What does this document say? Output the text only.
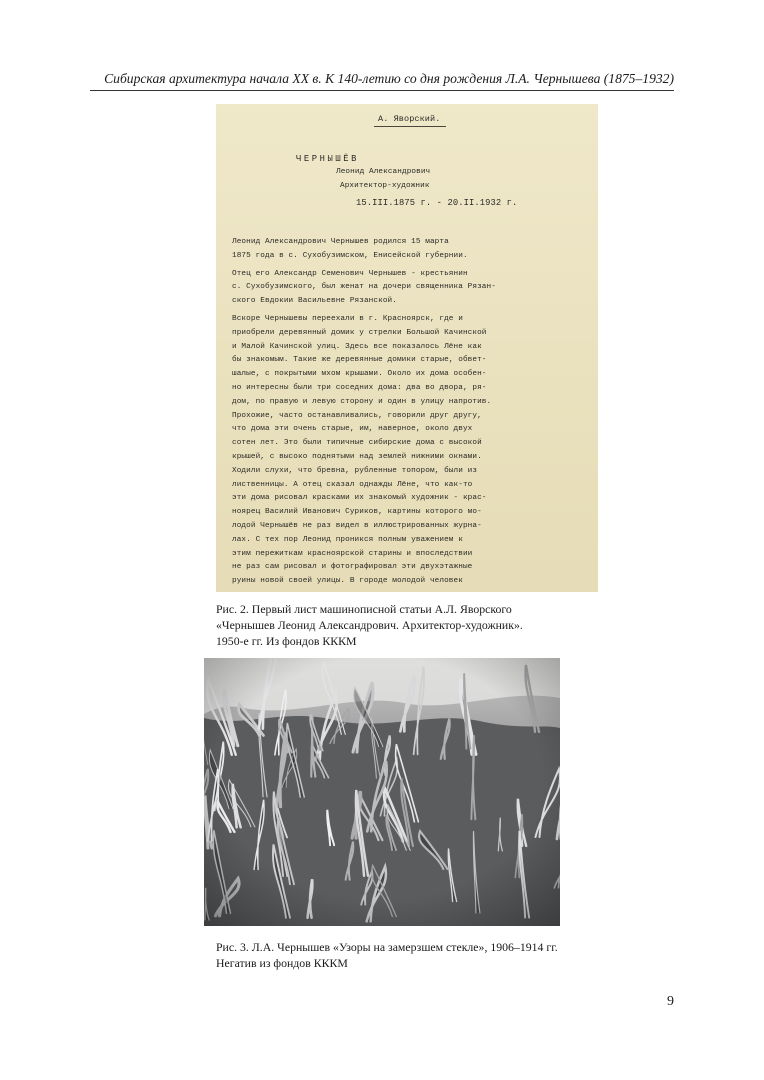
Сибирская архитектура начала XX в. К 140-летию со дня рождения Л.А. Чернышева (1875–1932)
А. Яворский.
ЧЕРНЫШЁВ
Леонид Александрович
Архитектор-художник
15.III.1875 г. - 20.II.1932 г.
Леонид Александрович Чернышев родился 15 марта
1875 года в с. Сухобузимском, Енисейской губернии.
Отец его Александр Семенович Чернышев - крестьянин
с. Сухобузимского, был женат на дочери священника Рязан-
ского Евдокии Васильевне Рязанской.
Вскоре Чернышевы переехали в г. Красноярск, где и
приобрели деревянный домик у стрелки Большой Качинской
и Малой Качинской улиц. Здесь все показалось Лёне как
бы знакомым. Такие же деревянные домики старые, обвет-
шалые, с покрытыми мхом крышами. Около их дома особен-
но интересны были три соседних дома: два во двора, ря-
дом, по правую и левую сторону и один в улицу напротив.
Прохожие, часто останавливались, говорили друг другу,
что дома эти очень старые, им, наверное, около двух
сотен лет. Это были типичные сибирские дома с высокой
крышей, с высоко поднятыми над землей нижними окнами.
Ходили слухи, что бревна, рубленные топором, были из
лиственницы. А отец сказал однажды Лёне, что как-то
эти дома рисовал красками их знакомый художник - крас-
ноярец Василий Иванович Суриков, картины которого мо-
лодой Чернышёв не раз видел в иллюстрированных журна-
лах. С тех пор Леонид проникся полным уважением к
этим пережиткам красноярской старины и впоследствии
не раз сам рисовал и фотографировал эти двухэтажные
руины новой своей улицы. В городе молодой человек
Рис. 2. Первый лист машинописной статьи А.Л. Яворского
«Чернышев Леонид Александрович. Архитектор-художник».
1950-е гг. Из фондов КККМ
Рис. 3. Л.А. Чернышев «Узоры на замерзшем стекле», 1906–1914 гг.
Негатив из фондов КККМ
9
